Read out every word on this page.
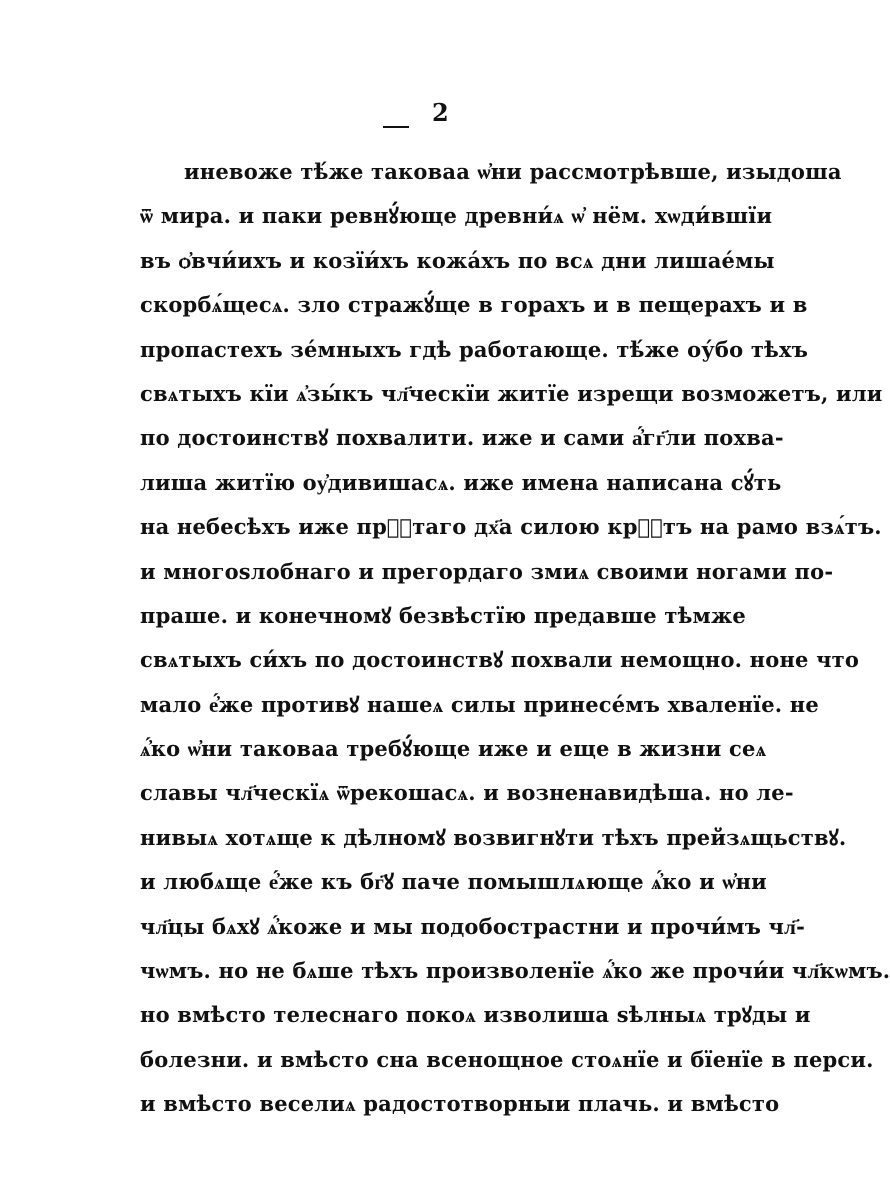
2
иневоже тѣ́же таковаа ѡ҆ни рассмотрѣвше, изыдоша
ѿ мира. и паки ревнꙋ́юще древни́ѧ ѡ҆ нём. хѡди́вшїи
въ ѻ҆вчи́ихъ и козїи́хъ кожа́хъ по всѧ дни лишае́мы
скорбѧ́щесѧ. зло стражꙋ́ще в горахъ и в пещерахъ и в
пропастехъ зе́мныхъ гдѣ работающе. тѣ́же оу́бо тѣхъ
свѧтыхъ кїи ѧ҆зы́къ чл҃ческїи житїе изрещи возможетъ, или
по достоинствꙋ похвалити. иже и сами а҆́гг҃ли похва-
лиша житїю оу҆дивишасѧ. иже имена написана сꙋ́ть
на небесѣхъ иже прⷭ҇таго дх҃а силою крⷭ҇тъ на рамо взѧ́тъ.
и многоѕлобнаго и прегордаго змиѧ своими ногами по-
праше. и конечномꙋ безвѣстїю предавше тѣмже
свѧтыхъ си́хъ по достоинствꙋ похвали немощно. ноне что
мало е҆́же противꙋ нашеѧ силы принесе́мъ хваленїе. не
ѧ҆́ко ѡ҆ни таковаа требꙋ́юще иже и еще в жизни сеѧ
славы чл҃ческїѧ ѿрекошасѧ. и возненавидѣша. но ле-
нивыѧ хотѧще к дѣлномꙋ возвигнꙋти тѣхъ прейзѧщьствꙋ.
и любѧще е҆́же къ бг҃ꙋ паче помышлѧюще ѧ҆́ко и ѡ҆ни
чл҃цы бѧхꙋ ѧ҆́коже и мы подобострастни и прочи́мъ чл҃-
чѡмъ. но не бѧше тѣхъ произволенїе ѧ҆́ко же прочи́и чл҃кѡмъ.
но вмѣсто телеснаго покоѧ изволиша ѕѣлныѧ трꙋды и
болезни. и вмѣсто сна всенощное стоѧнїе и бїенїе в перси.
и вмѣсто веселиѧ радостотворныи плачь. и вмѣсто
